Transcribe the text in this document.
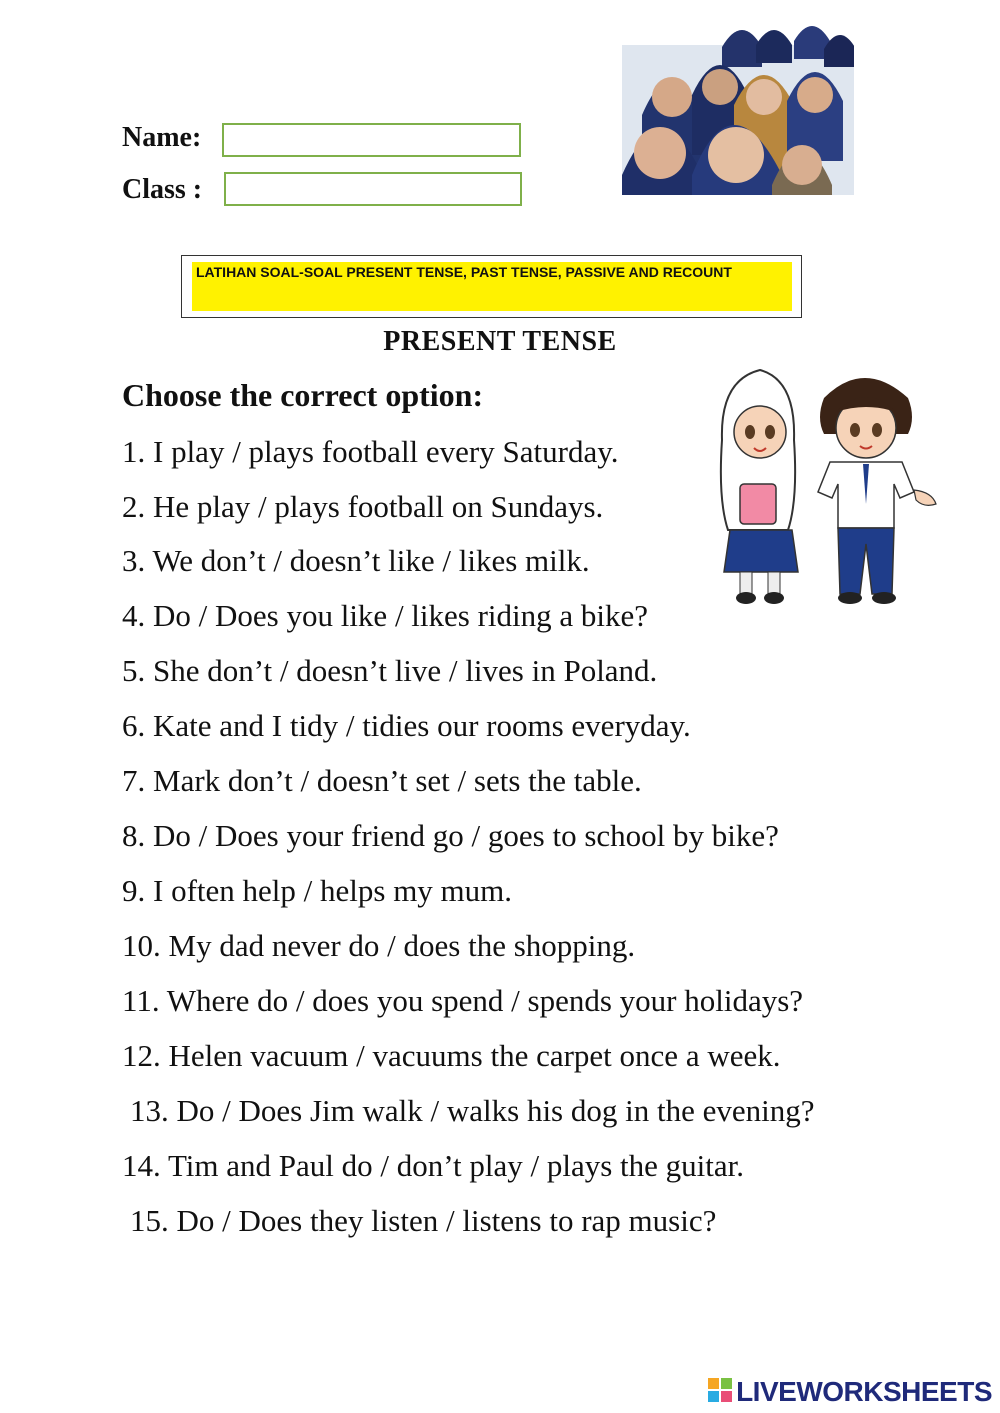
Name:
Class :
LATIHAN SOAL-SOAL PRESENT TENSE, PAST TENSE, PASSIVE AND RECOUNT
PRESENT TENSE
Choose the correct option:
1. I play / plays football every Saturday.
2. He play / plays football on Sundays.
3. We don’t / doesn’t like / likes milk.
4. Do / Does you like / likes riding a bike?
5. She don’t / doesn’t live / lives in Poland.
6. Kate and I tidy / tidies our rooms everyday.
7. Mark don’t / doesn’t set / sets the table.
8. Do / Does your friend go / goes to school by bike?
9. I often help / helps my mum.
10. My dad never do / does the shopping.
11. Where do / does you spend / spends your holidays?
12. Helen vacuum / vacuums the carpet once a week.
13. Do / Does Jim walk / walks his dog in the evening?
14. Tim and Paul do / don’t play / plays the guitar.
15. Do / Does they listen / listens to rap music?
LIVEWORKSHEETS
